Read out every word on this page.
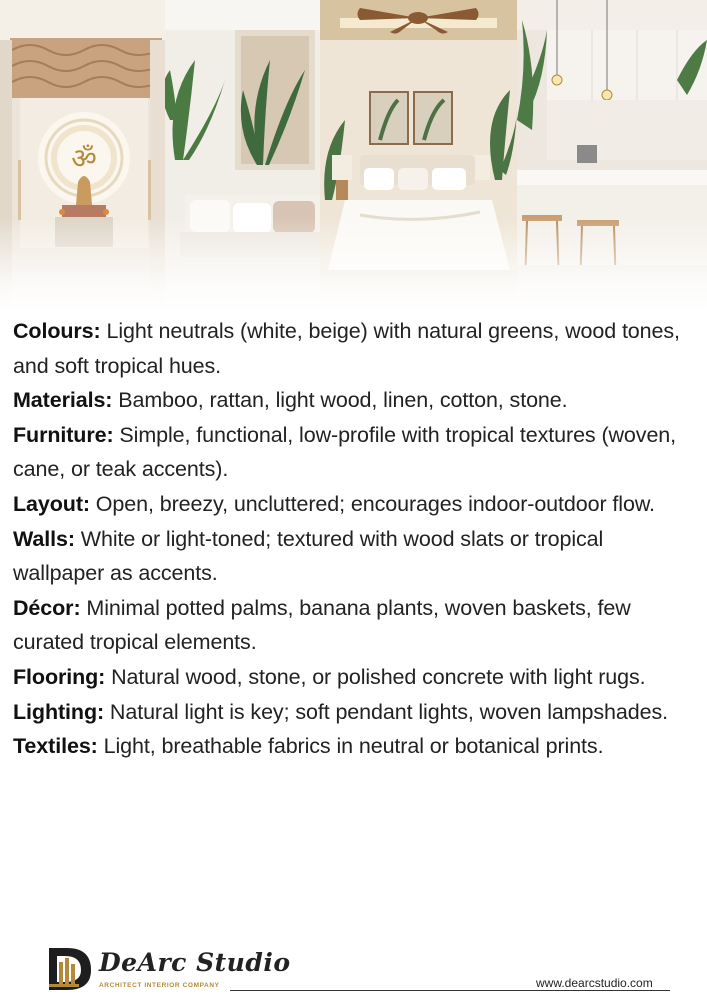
ॐ

Colours: Light neutrals (white, beige) with natural greens, wood tones, and soft tropical hues.

Materials: Bamboo, rattan, light wood, linen, cotton, stone.

Furniture: Simple, functional, low-profile with tropical textures (woven, cane, or teak accents).

Layout: Open, breezy, uncluttered; encourages indoor-outdoor flow.

Walls: White or light-toned; textured with wood slats or tropical wallpaper as accents.

Décor: Minimal potted palms, banana plants, woven baskets, few curated tropical elements.

Flooring: Natural wood, stone, or polished concrete with light rugs.

Lighting: Natural light is key; soft pendant lights, woven lampshades.

Textiles: Light, breathable fabrics in neutral or botanical prints.

DeArc Studio
ARCHITECT INTERIOR COMPANY	www.dearcstudio.com
